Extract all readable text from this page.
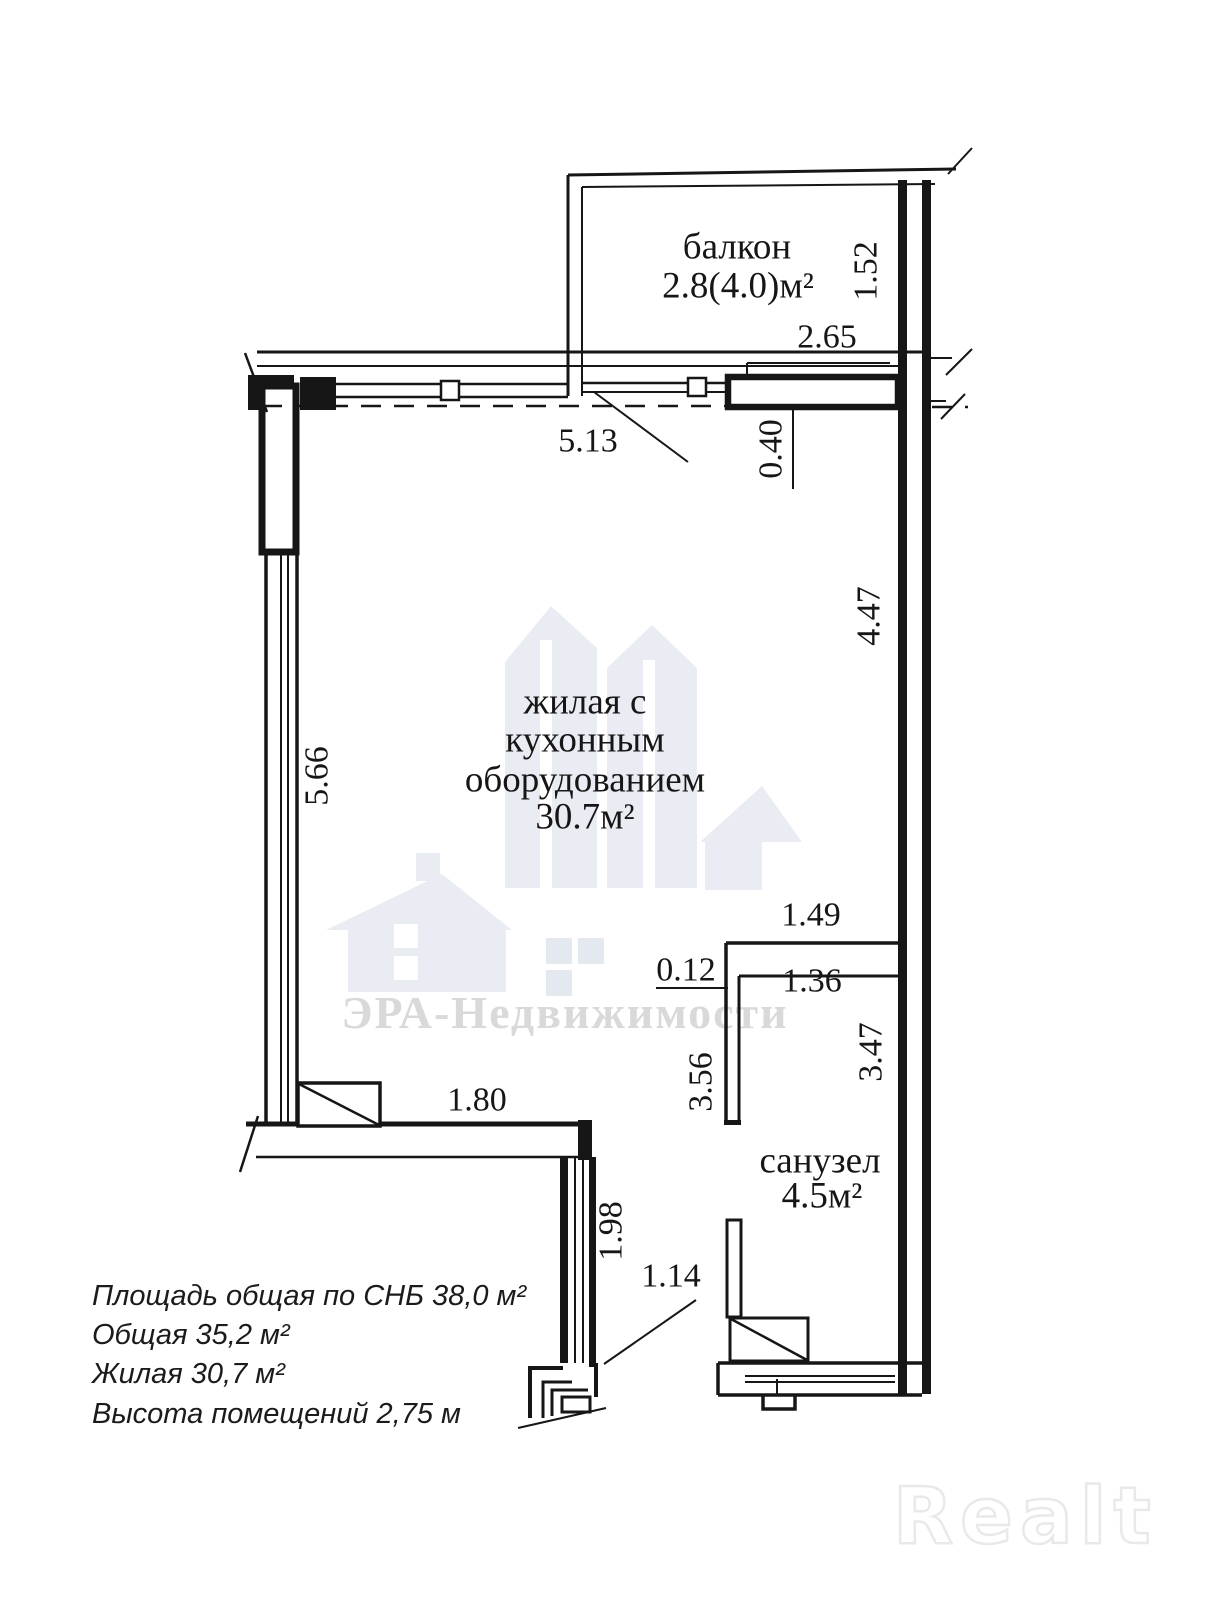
ЭРА-Недвижимости
5.13
1.52
2.65
0.40
4.47
5.66
1.49
0.12 1.36
3.56
3.47
1.80
1.98
1.14
балкон
2.8(4.0)м²
жилая с
кухонным
оборудованием
30.7м²
санузел
4.5м²
Площадь общая по СНБ 38,0 м²
Общая 35,2 м²
Жилая 30,7 м²
Высота помещений 2,75 м
Realt
